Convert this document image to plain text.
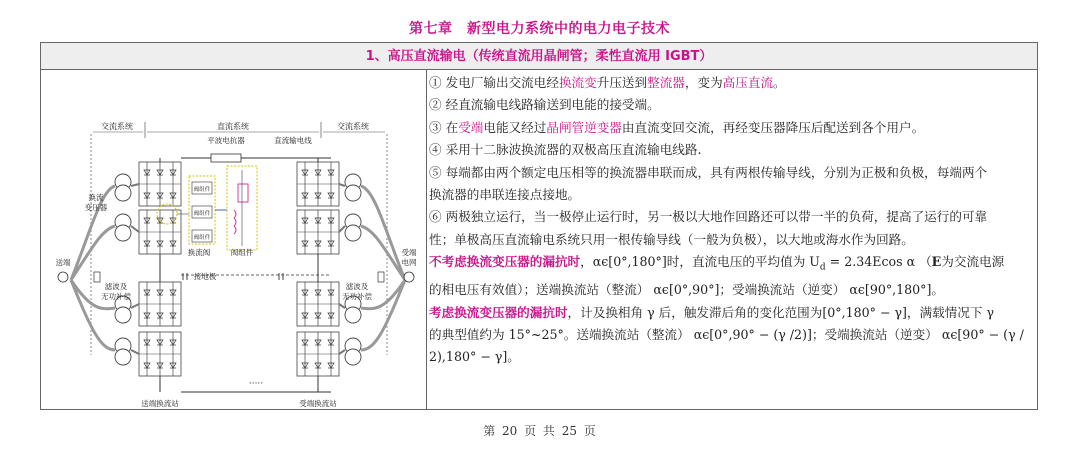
第七章　新型电力系统中的电力电子技术
1、高压直流输电（传统直流用晶闸管；柔性直流用 IGBT）
交流系统	直流系统	交流系统
平波电抗器	直流输电线
·····
送端
换流
变压器
滤波及
无功补偿
接地极
送端换流站
阀组件
阀组件
阀组件
换流阀	阀组件	受端
电网
滤波及
无功补偿
受端换流站
① 发电厂输出交流电经换流变升压送到整流器，变为高压直流。
② 经直流输电线路输送到电能的接受端。
③ 在受端电能又经过晶闸管逆变器由直流变回交流，再经变压器降压后配送到各个用户。
④ 采用十二脉波换流器的双极高压直流输电线路.
⑤ 每端都由两个额定电压相等的换流器串联而成，具有两根传输导线，分别为正极和负极，每端两个
换流器的串联连接点接地。
⑥ 两极独立运行，当一极停止运行时，另一极以大地作回路还可以带一半的负荷，提高了运行的可靠
性；单极高压直流输电系统只用一根传输导线（一般为负极），以大地或海水作为回路。
不考虑换流变压器的漏抗时，αϵ[0°,180°]时，直流电压的平均值为 $U_d = 2.34Ecos$ α （E为交流电源
的相电压有效值）；送端换流站（整流） αϵ[0°,90°]；受端换流站（逆变） αϵ[90°,180°]。
考虑换流变压器的漏抗时，计及换相角 γ 后，触发滞后角的变化范围为[0°,180° − γ]，满载情况下 γ
的典型值约为 15°~25°。送端换流站（整流） αϵ[0°,90° − (γ /2)]；受端换流站（逆变） αϵ[90° − (γ /
2),180° − γ]。
第 20 页 共 25 页
